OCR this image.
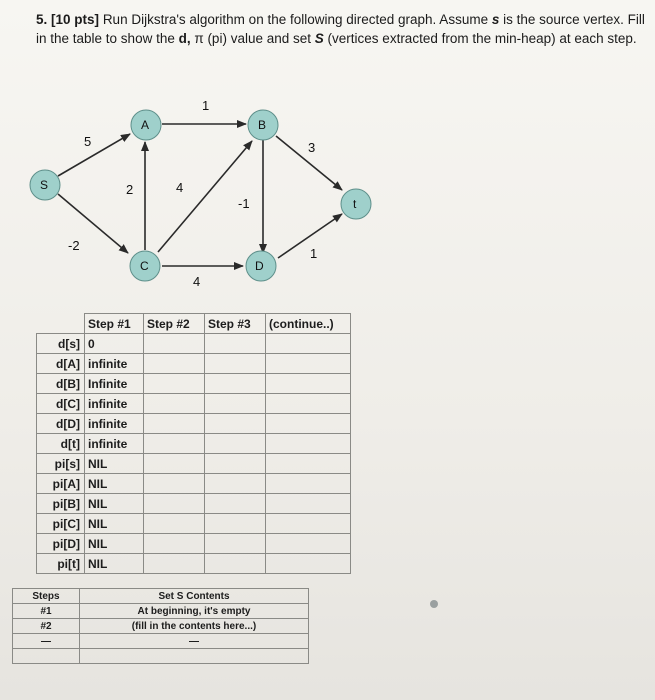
5. [10 pts] Run Dijkstra's algorithm on the following directed graph. Assume s is the source vertex. Fill in the table to show the d, π (pi) value and set S (vertices extracted from the min-heap) at each step.
5
-2
2	4
1
-1
4
3
1
S
A	B
C	D
t
	Step #1	Step #2	Step #3	(continue..)
d[s]	0			
d[A]	infinite			
d[B]	Infinite			
d[C]	infinite			
d[D]	infinite			
d[t]	infinite			
pi[s]	NIL			
pi[A]	NIL			
pi[B]	NIL			
pi[C]	NIL			
pi[D]	NIL			
pi[t]	NIL			
Steps	Set S Contents
#1	At beginning, it's empty
#2	(fill in the contents here...)
—	—
